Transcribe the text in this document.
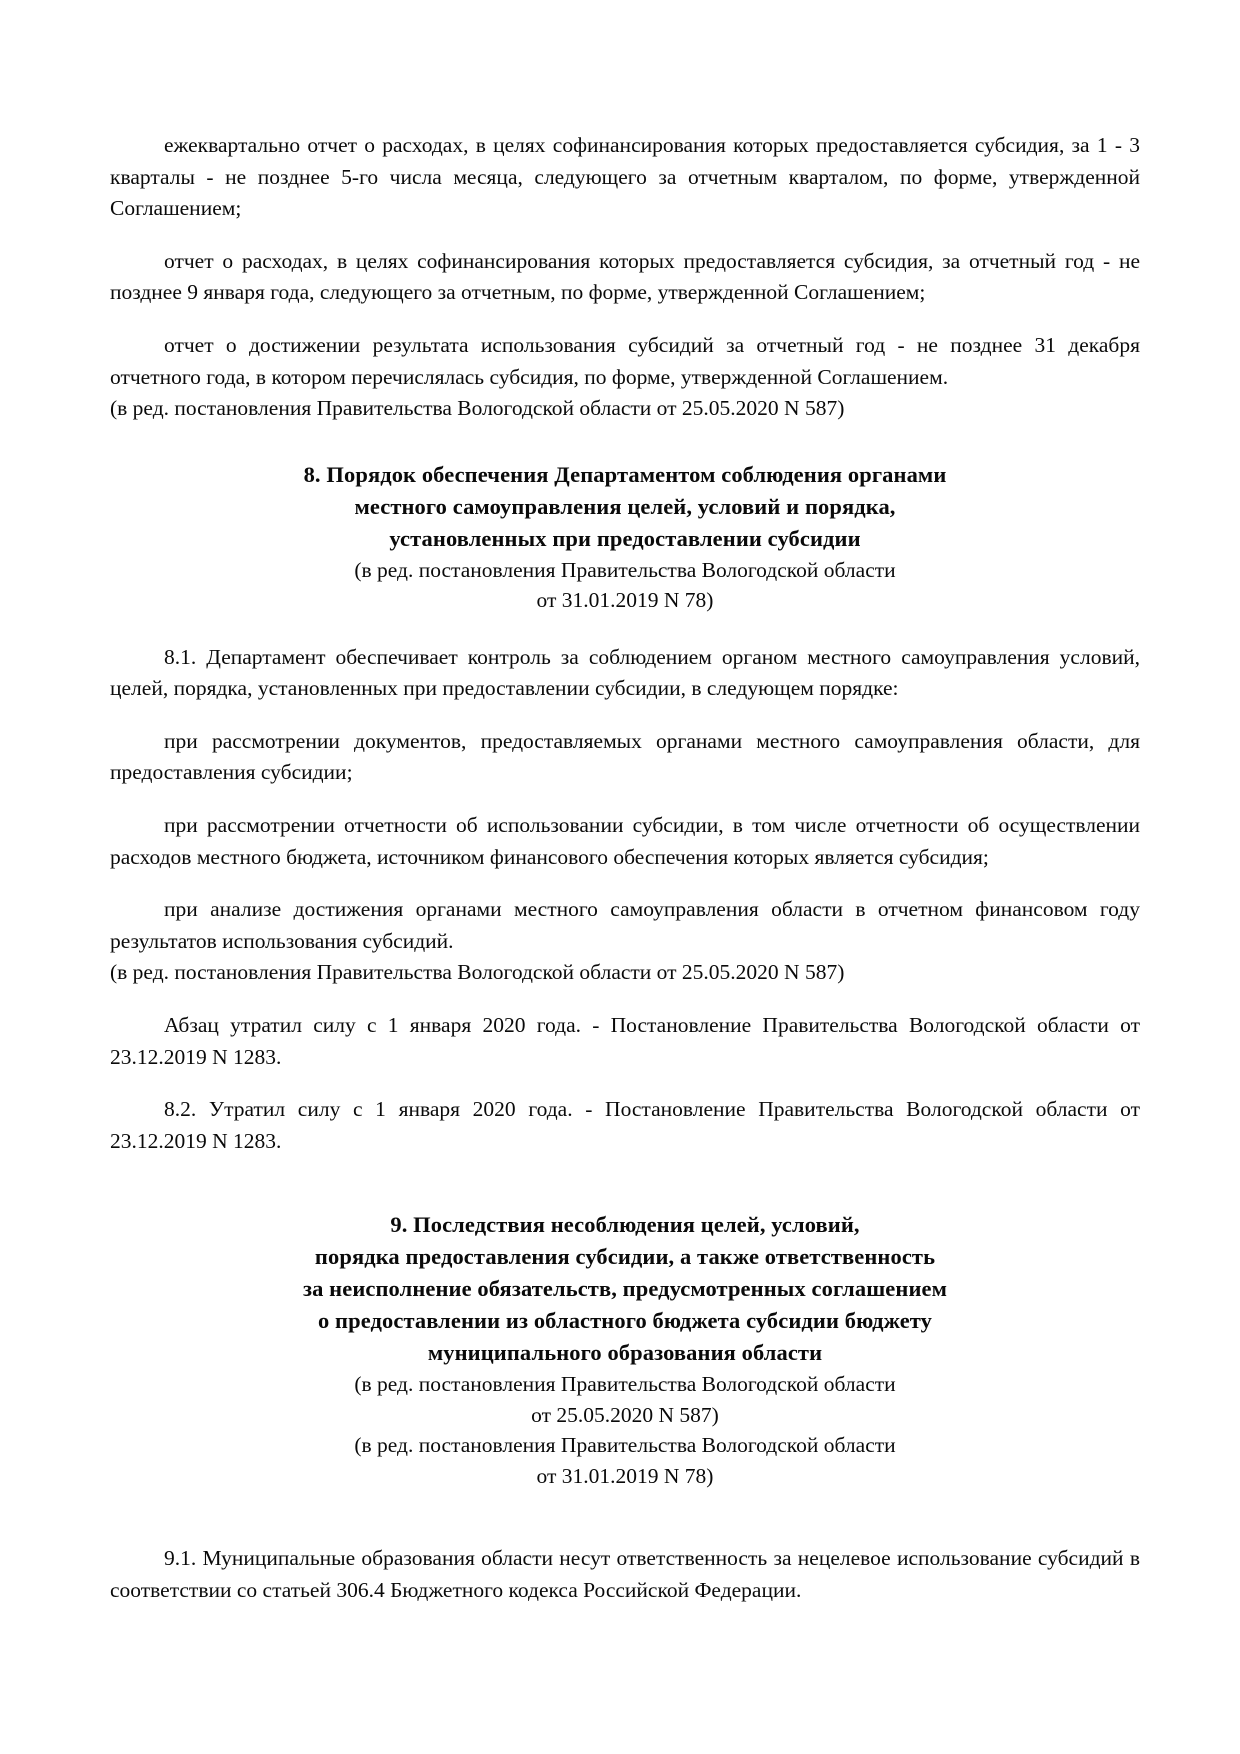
ежеквартально отчет о расходах, в целях софинансирования которых предоставляется субсидия, за 1 - 3 кварталы - не позднее 5-го числа месяца, следующего за отчетным кварталом, по форме, утвержденной Соглашением;

отчет о расходах, в целях софинансирования которых предоставляется субсидия, за отчетный год - не позднее 9 января года, следующего за отчетным, по форме, утвержденной Соглашением;

отчет о достижении результата использования субсидий за отчетный год - не позднее 31 декабря отчетного года, в котором перечислялась субсидия, по форме, утвержденной Соглашением.

(в ред. постановления Правительства Вологодской области от 25.05.2020 N 587)

8. Порядок обеспечения Департаментом соблюдения органами
местного самоуправления целей, условий и порядка,
установленных при предоставлении субсидии
(в ред. постановления Правительства Вологодской области
от 31.01.2019 N 78)

8.1. Департамент обеспечивает контроль за соблюдением органом местного самоуправления условий, целей, порядка, установленных при предоставлении субсидии, в следующем порядке:

при рассмотрении документов, предоставляемых органами местного самоуправления области, для предоставления субсидии;

при рассмотрении отчетности об использовании субсидии, в том числе отчетности об осуществлении расходов местного бюджета, источником финансового обеспечения которых является субсидия;

при анализе достижения органами местного самоуправления области в отчетном финансовом году результатов использования субсидий.

(в ред. постановления Правительства Вологодской области от 25.05.2020 N 587)

Абзац утратил силу с 1 января 2020 года. - Постановление Правительства Вологодской области от 23.12.2019 N 1283.

8.2. Утратил силу с 1 января 2020 года. - Постановление Правительства Вологодской области от 23.12.2019 N 1283.

9. Последствия несоблюдения целей, условий,
порядка предоставления субсидии, а также ответственность
за неисполнение обязательств, предусмотренных соглашением
о предоставлении из областного бюджета субсидии бюджету
муниципального образования области
(в ред. постановления Правительства Вологодской области
от 25.05.2020 N 587)
(в ред. постановления Правительства Вологодской области
от 31.01.2019 N 78)

9.1. Муниципальные образования области несут ответственность за нецелевое использование субсидий в соответствии со статьей 306.4 Бюджетного кодекса Российской Федерации.
